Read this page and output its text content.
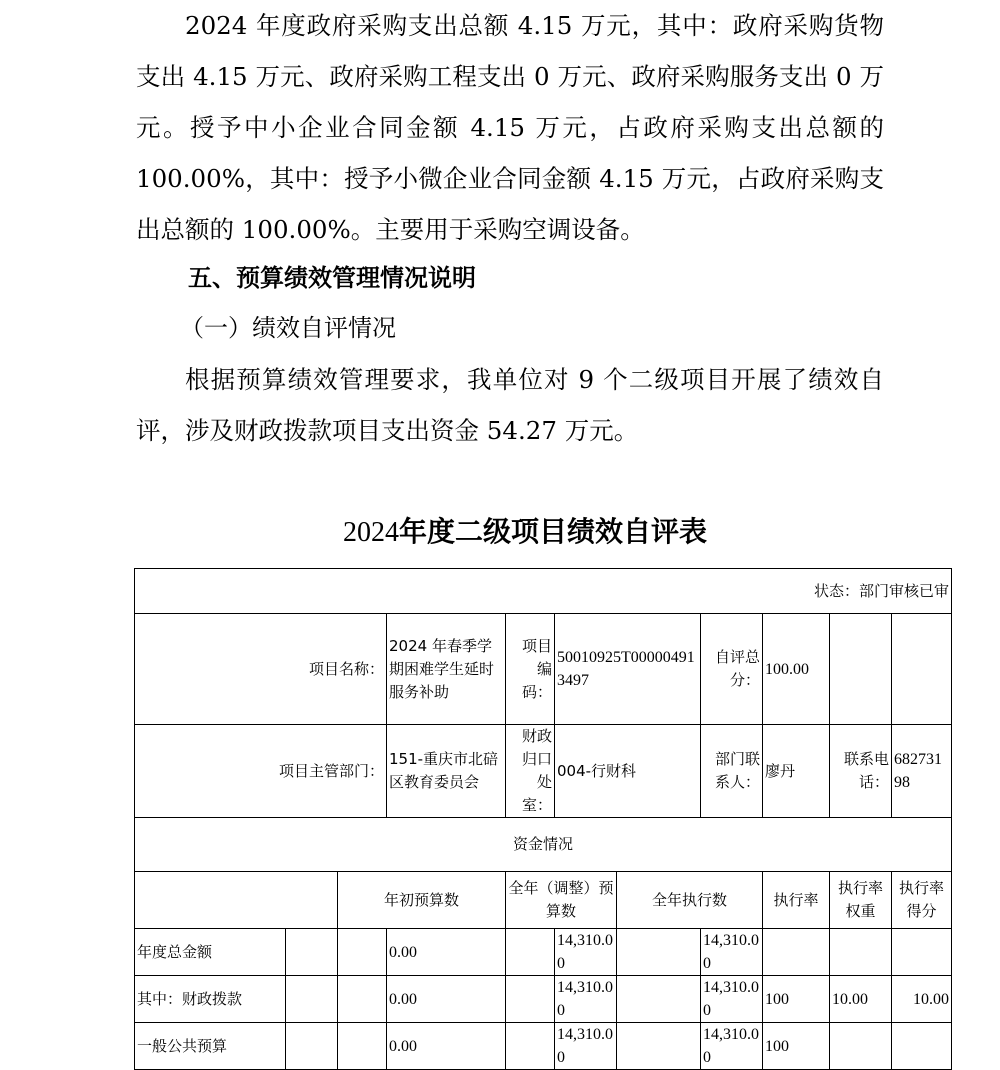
2024 年度政府采购支出总额 4.15 万元，其中：政府采购货物支出 4.15 万元、政府采购工程支出 0 万元、政府采购服务支出 0 万元。授予中小企业合同金额 4.15 万元，占政府采购支出总额的 100.00%，其中：授予小微企业合同金额 4.15 万元，占政府采购支出总额的 100.00%。主要用于采购空调设备。

五、预算绩效管理情况说明

（一）绩效自评情况

根据预算绩效管理要求，我单位对 9 个二级项目开展了绩效自评，涉及财政拨款项目支出资金 54.27 万元。

2024年度二级项目绩效自评表
状态：部门审核已审										
项目名称：			2024 年春季学期困难学生延时服务补助	项目编码：	50010925T000004913497		自评总分：	100.00		
项目主管部门：			151-重庆市北碚区教育委员会	财政归口处室：	004-行财科		部门联系人：	廖丹	联系电话：	68273198
资金情况										
		年初预算数		全年（调整）预算数		全年执行数		执行率	执行率权重	执行率得分
年度总金额			0.00		14,310.00		14,310.00			
其中：财政拨款			0.00		14,310.00		14,310.00	100	10.00	10.00
一般公共预算			0.00		14,310.00		14,310.00	100		
